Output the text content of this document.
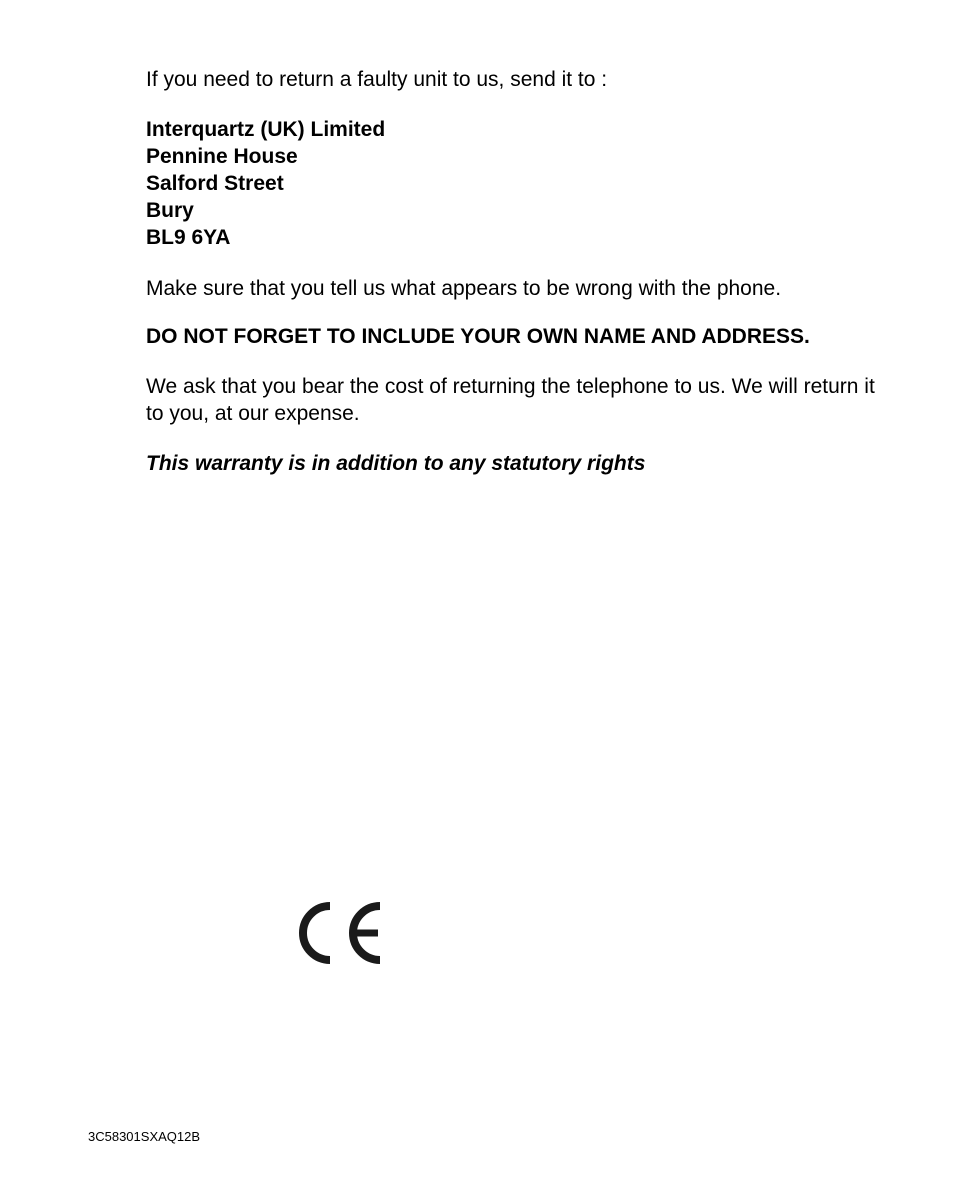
If you need to return a faulty unit to us, send it to :

Interquartz (UK) Limited
Pennine House
Salford Street
Bury
BL9 6YA

Make sure that you tell us what appears to be wrong with the phone.

DO NOT FORGET TO INCLUDE YOUR OWN NAME AND ADDRESS.

We ask that you bear the cost of returning the telephone to us. We will return it to you, at our expense.

This warranty is in addition to any statutory rights

3C58301SXAQ12B
